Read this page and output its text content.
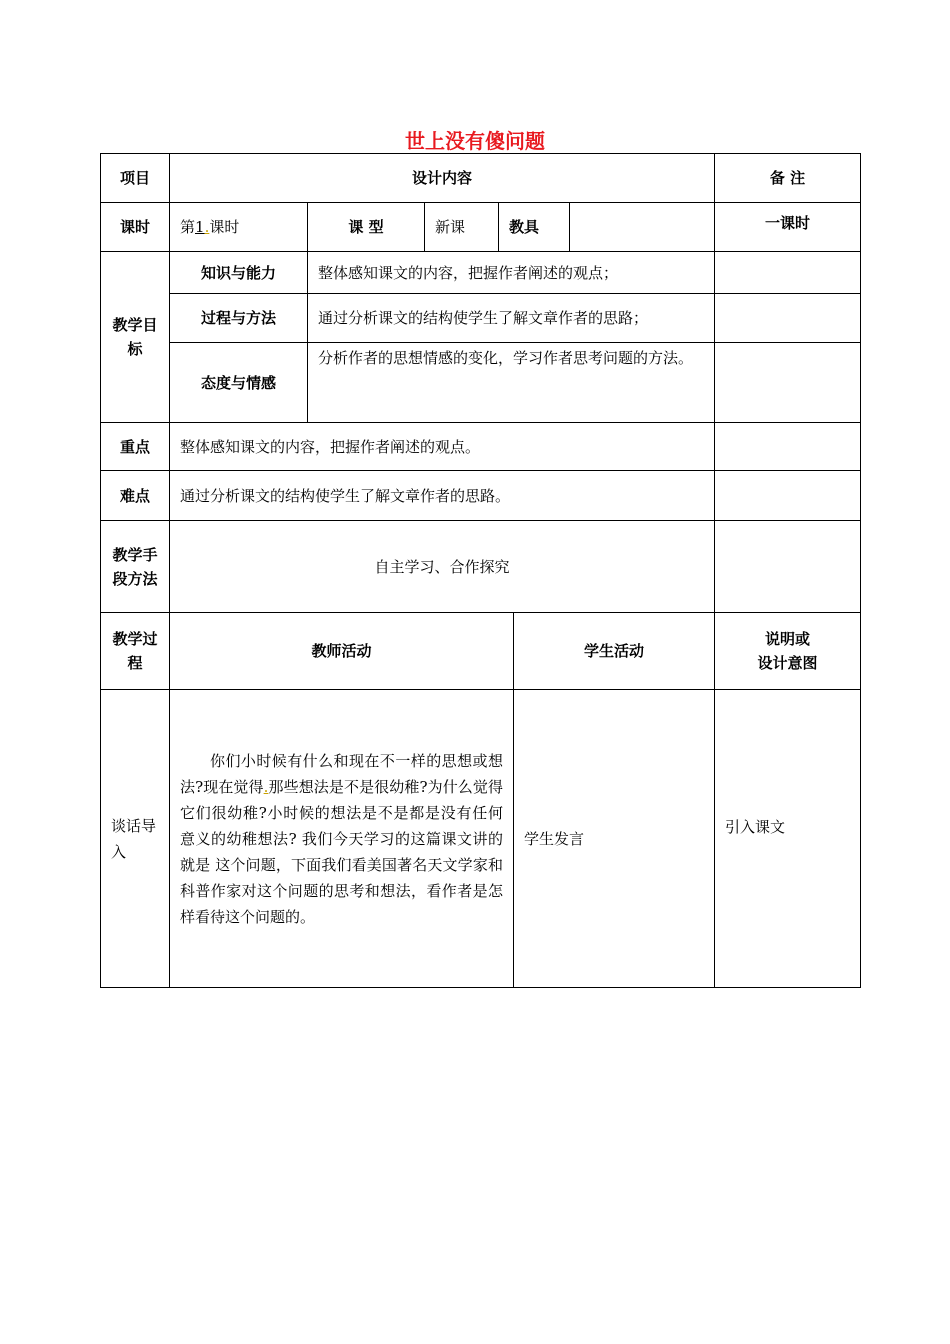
世上没有傻问题
项目	设计内容						备 注
课时	第1.课时	课 型	新课	教具			一课时
教学目标	知识与能力	整体感知课文的内容，把握作者阐述的观点；					
	过程与方法	通过分析课文的结构使学生了解文章作者的思路；					
	态度与情感	分析作者的思想情感的变化，学习作者思考问题的方法。					
重点	整体感知课文的内容，把握作者阐述的观点。						
难点	通过分析课文的结构使学生了解文章作者的思路。						
教学手段方法	自主学习、合作探究						
教学过程	教师活动				学生活动		说明或
设计意图
谈话导入	你们小时候有什么和现在不一样的思想或想法?现在觉得.那些想法是不是很幼稚?为什么觉得它们很幼稚?小时候的想法是不是都是没有任何意义的幼稚想法? 我们今天学习的这篇课文讲的就是 这个问题，下面我们看美国著名天文学家和科普作家对这个问题的思考和想法，看作者是怎样看待这个问题的。				学生发言		引入课文
